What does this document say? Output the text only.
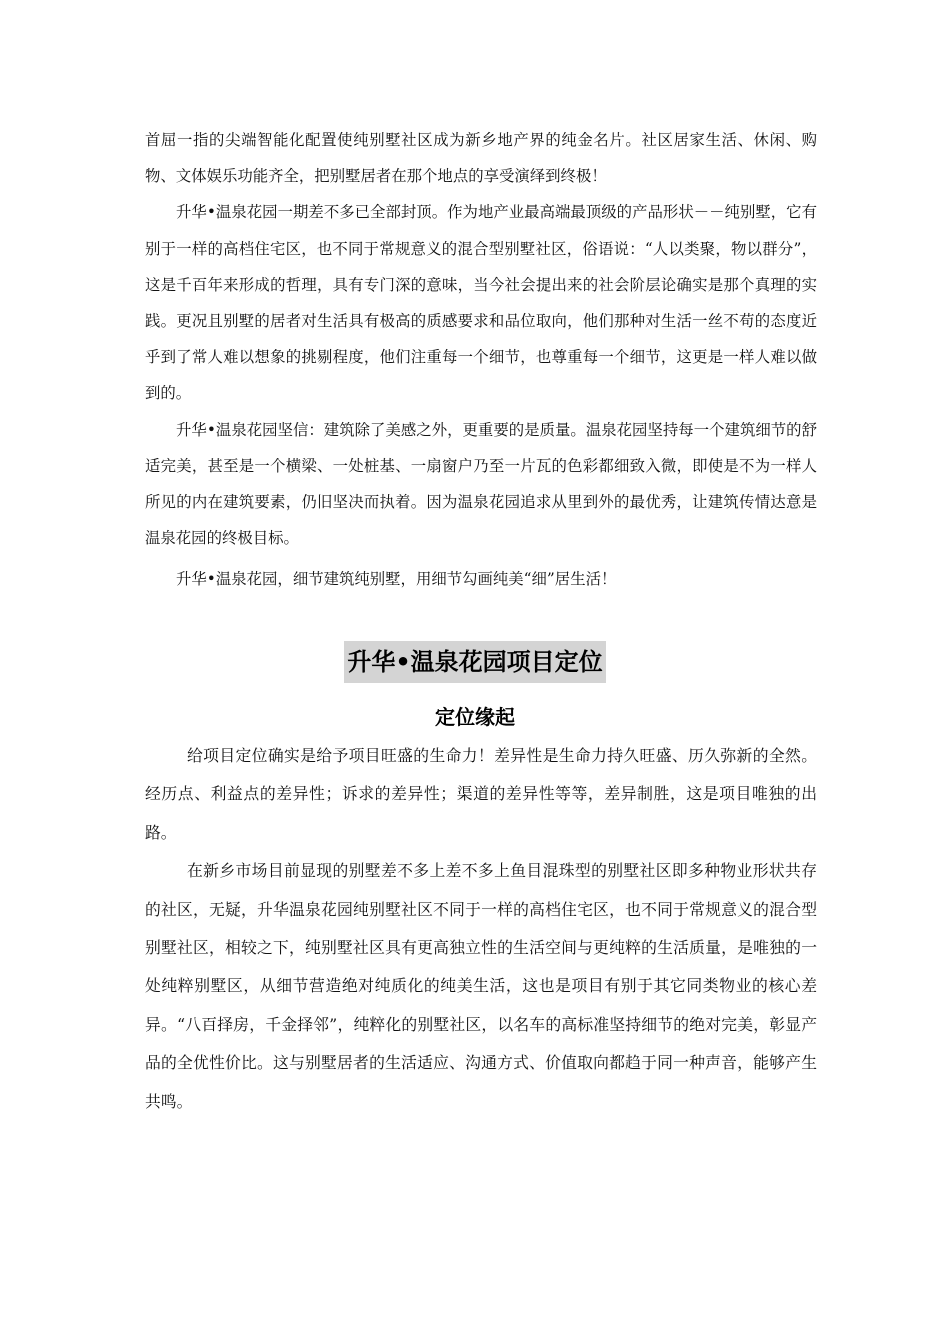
首屈一指的尖端智能化配置使纯别墅社区成为新乡地产界的纯金名片。社区居家生活、休闲、购物、文体娱乐功能齐全，把别墅居者在那个地点的享受演绎到终极！

升华•温泉花园一期差不多已全部封顶。作为地产业最高端最顶级的产品形状－－纯别墅，它有别于一样的高档住宅区，也不同于常规意义的混合型别墅社区，俗语说：“人以类聚，物以群分”，这是千百年来形成的哲理，具有专门深的意味，当今社会提出来的社会阶层论确实是那个真理的实践。更况且别墅的居者对生活具有极高的质感要求和品位取向，他们那种对生活一丝不苟的态度近乎到了常人难以想象的挑剔程度，他们注重每一个细节，也尊重每一个细节，这更是一样人难以做到的。

升华•温泉花园坚信：建筑除了美感之外，更重要的是质量。温泉花园坚持每一个建筑细节的舒适完美，甚至是一个横梁、一处桩基、一扇窗户乃至一片瓦的色彩都细致入微，即使是不为一样人所见的内在建筑要素，仍旧坚决而执着。因为温泉花园追求从里到外的最优秀，让建筑传情达意是温泉花园的终极目标。

升华•温泉花园，细节建筑纯别墅，用细节勾画纯美“细”居生活！

升华•温泉花园项目定位
定位缘起

给项目定位确实是给予项目旺盛的生命力！差异性是生命力持久旺盛、历久弥新的全然。经历点、利益点的差异性；诉求的差异性；渠道的差异性等等，差异制胜，这是项目唯独的出路。

在新乡市场目前显现的别墅差不多上差不多上鱼目混珠型的别墅社区即多种物业形状共存的社区，无疑，升华温泉花园纯别墅社区不同于一样的高档住宅区，也不同于常规意义的混合型别墅社区，相较之下，纯别墅社区具有更高独立性的生活空间与更纯粹的生活质量，是唯独的一处纯粹别墅区，从细节营造绝对纯质化的纯美生活，这也是项目有别于其它同类物业的核心差异。“八百择房，千金择邻”，纯粹化的别墅社区，以名车的高标准坚持细节的绝对完美，彰显产品的全优性价比。这与别墅居者的生活适应、沟通方式、价值取向都趋于同一种声音，能够产生共鸣。
